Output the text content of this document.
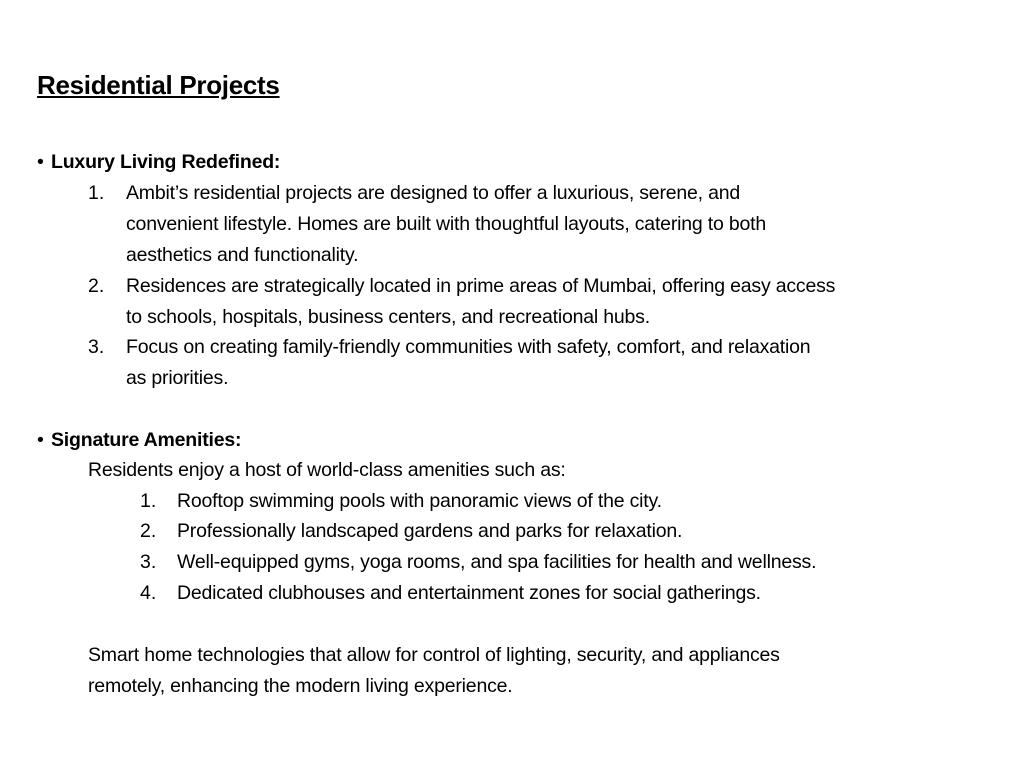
Residential Projects
• Luxury Living Redefined:
1. Ambit’s residential projects are designed to offer a luxurious, serene, and
convenient lifestyle. Homes are built with thoughtful layouts, catering to both
aesthetics and functionality.
2. Residences are strategically located in prime areas of Mumbai, offering easy access
to schools, hospitals, business centers, and recreational hubs.
3. Focus on creating family-friendly communities with safety, comfort, and relaxation
as priorities.
• Signature Amenities:
Residents enjoy a host of world-class amenities such as:
1. Rooftop swimming pools with panoramic views of the city.
2. Professionally landscaped gardens and parks for relaxation.
3. Well-equipped gyms, yoga rooms, and spa facilities for health and wellness.
4. Dedicated clubhouses and entertainment zones for social gatherings.
Smart home technologies that allow for control of lighting, security, and appliances
remotely, enhancing the modern living experience.
